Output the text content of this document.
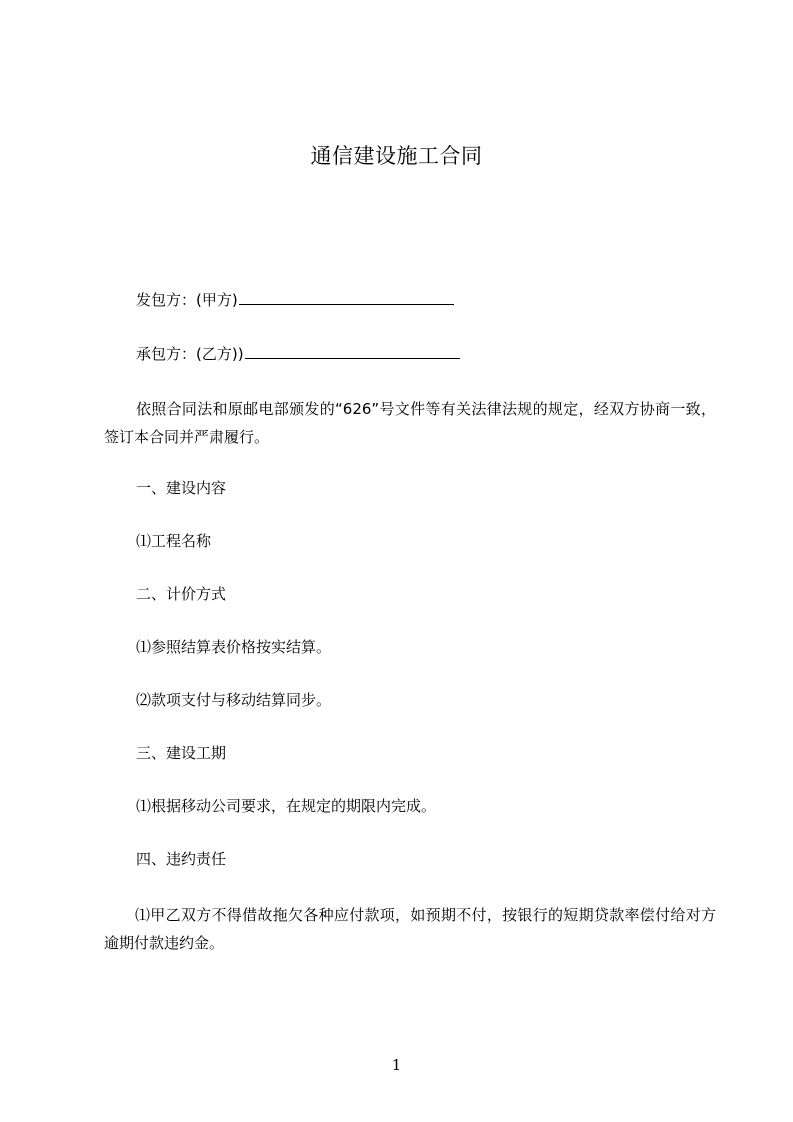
通信建设施工合同
发包方：(甲方)
承包方：(乙方))
依照合同法和原邮电部颁发的“626”号文件等有关法律法规的规定，经双方协商一致，签订本合同并严肃履行。
一、建设内容
⑴工程名称
二、计价方式
⑴参照结算表价格按实结算。
⑵款项支付与移动结算同步。
三、建设工期
⑴根据移动公司要求，在规定的期限内完成。
四、违约责任
⑴甲乙双方不得借故拖欠各种应付款项，如预期不付，按银行的短期贷款率偿付给对方逾期付款违约金。
1
